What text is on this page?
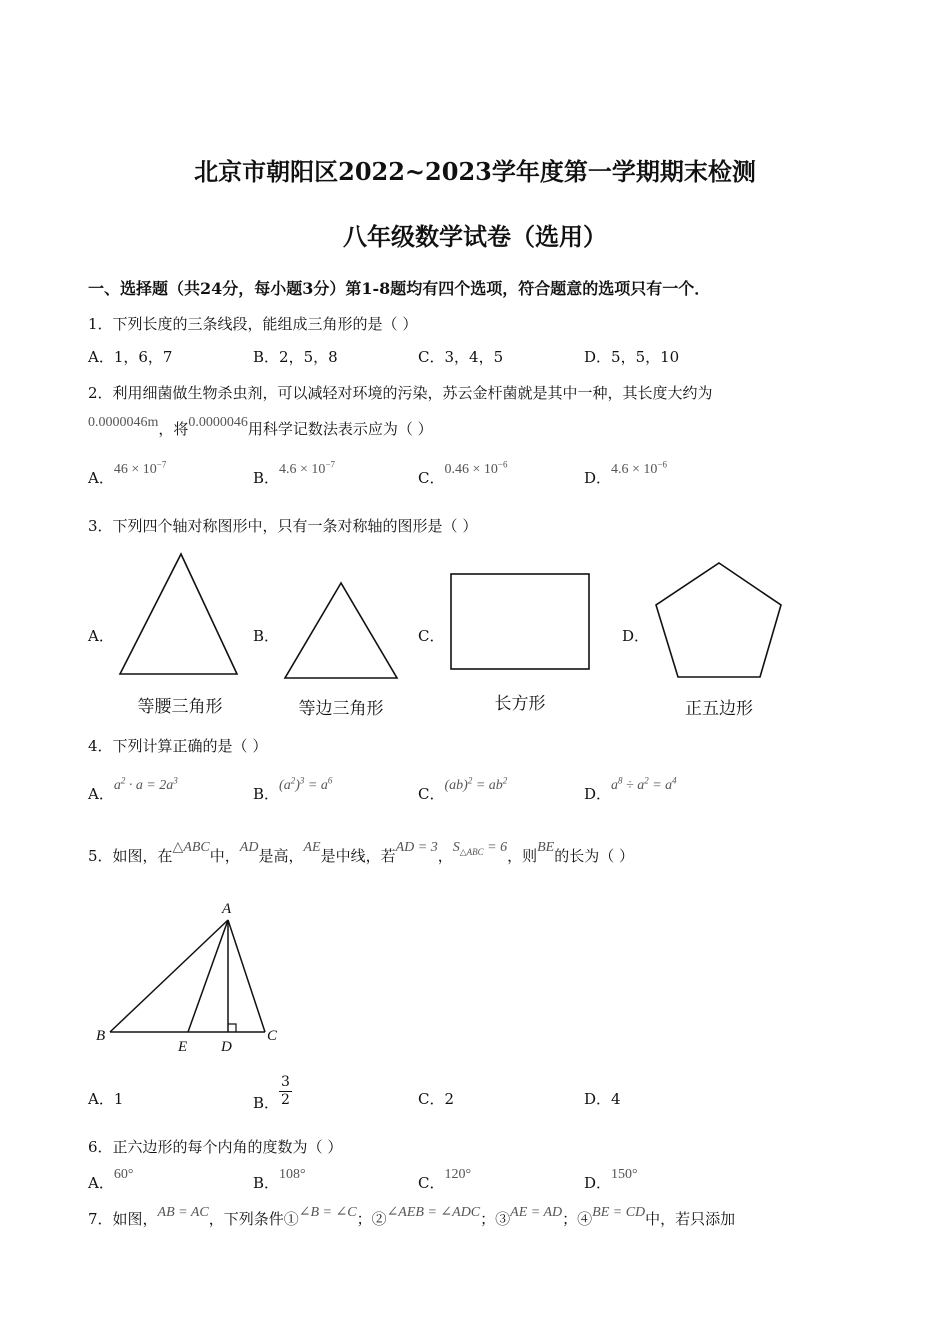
北京市朝阳区2022~2023学年度第一学期期末检测
八年级数学试卷（选用）
一、选择题（共24分，每小题3分）第1-8题均有四个选项，符合题意的选项只有一个．
1．下列长度的三条线段，能组成三角形的是（ ）
A．1，6，7	B．2，5，8	C．3，4，5	D．5，5，10
2．利用细菌做生物杀虫剂，可以减轻对环境的污染，苏云金杆菌就是其中一种，其长度大约为
0.0000046m，将0.0000046用科学记数法表示应为（ ）
A．$46 \times 10^{-7}$
B．$4.6 \times 10^{-7}$
C．$0.46 \times 10^{-6}$
D．$4.6 \times 10^{-6}$
3．下列四个轴对称图形中，只有一条对称轴的图形是（ ）
A．	B．	C．	D．
等腰三角形	等边三角形	长方形	正五边形
4．下列计算正确的是（ ）
A．$a^2 \cdot a = 2a^3$
B．$(a^2)^3 = a^6$
C．$(ab)^2 = ab^2$
D．$a^8 \div a^2 = a^4$
5．如图，在△ABC中，AD是高，AE是中线，若AD = 3，$S_{\triangle ABC} = 6$，则BE的长为（ ）
A
B	C
D
E
A．1	B． $\frac{3}{2}$	C．2	D．4
6．正六边形的每个内角的度数为（ ）
A．60°	B．108°	C．120°	D．150°
7．如图，AB = AC，下列条件①∠B = ∠C；②∠AEB = ∠ADC；③AE = AD；④BE = CD中，若只添加
